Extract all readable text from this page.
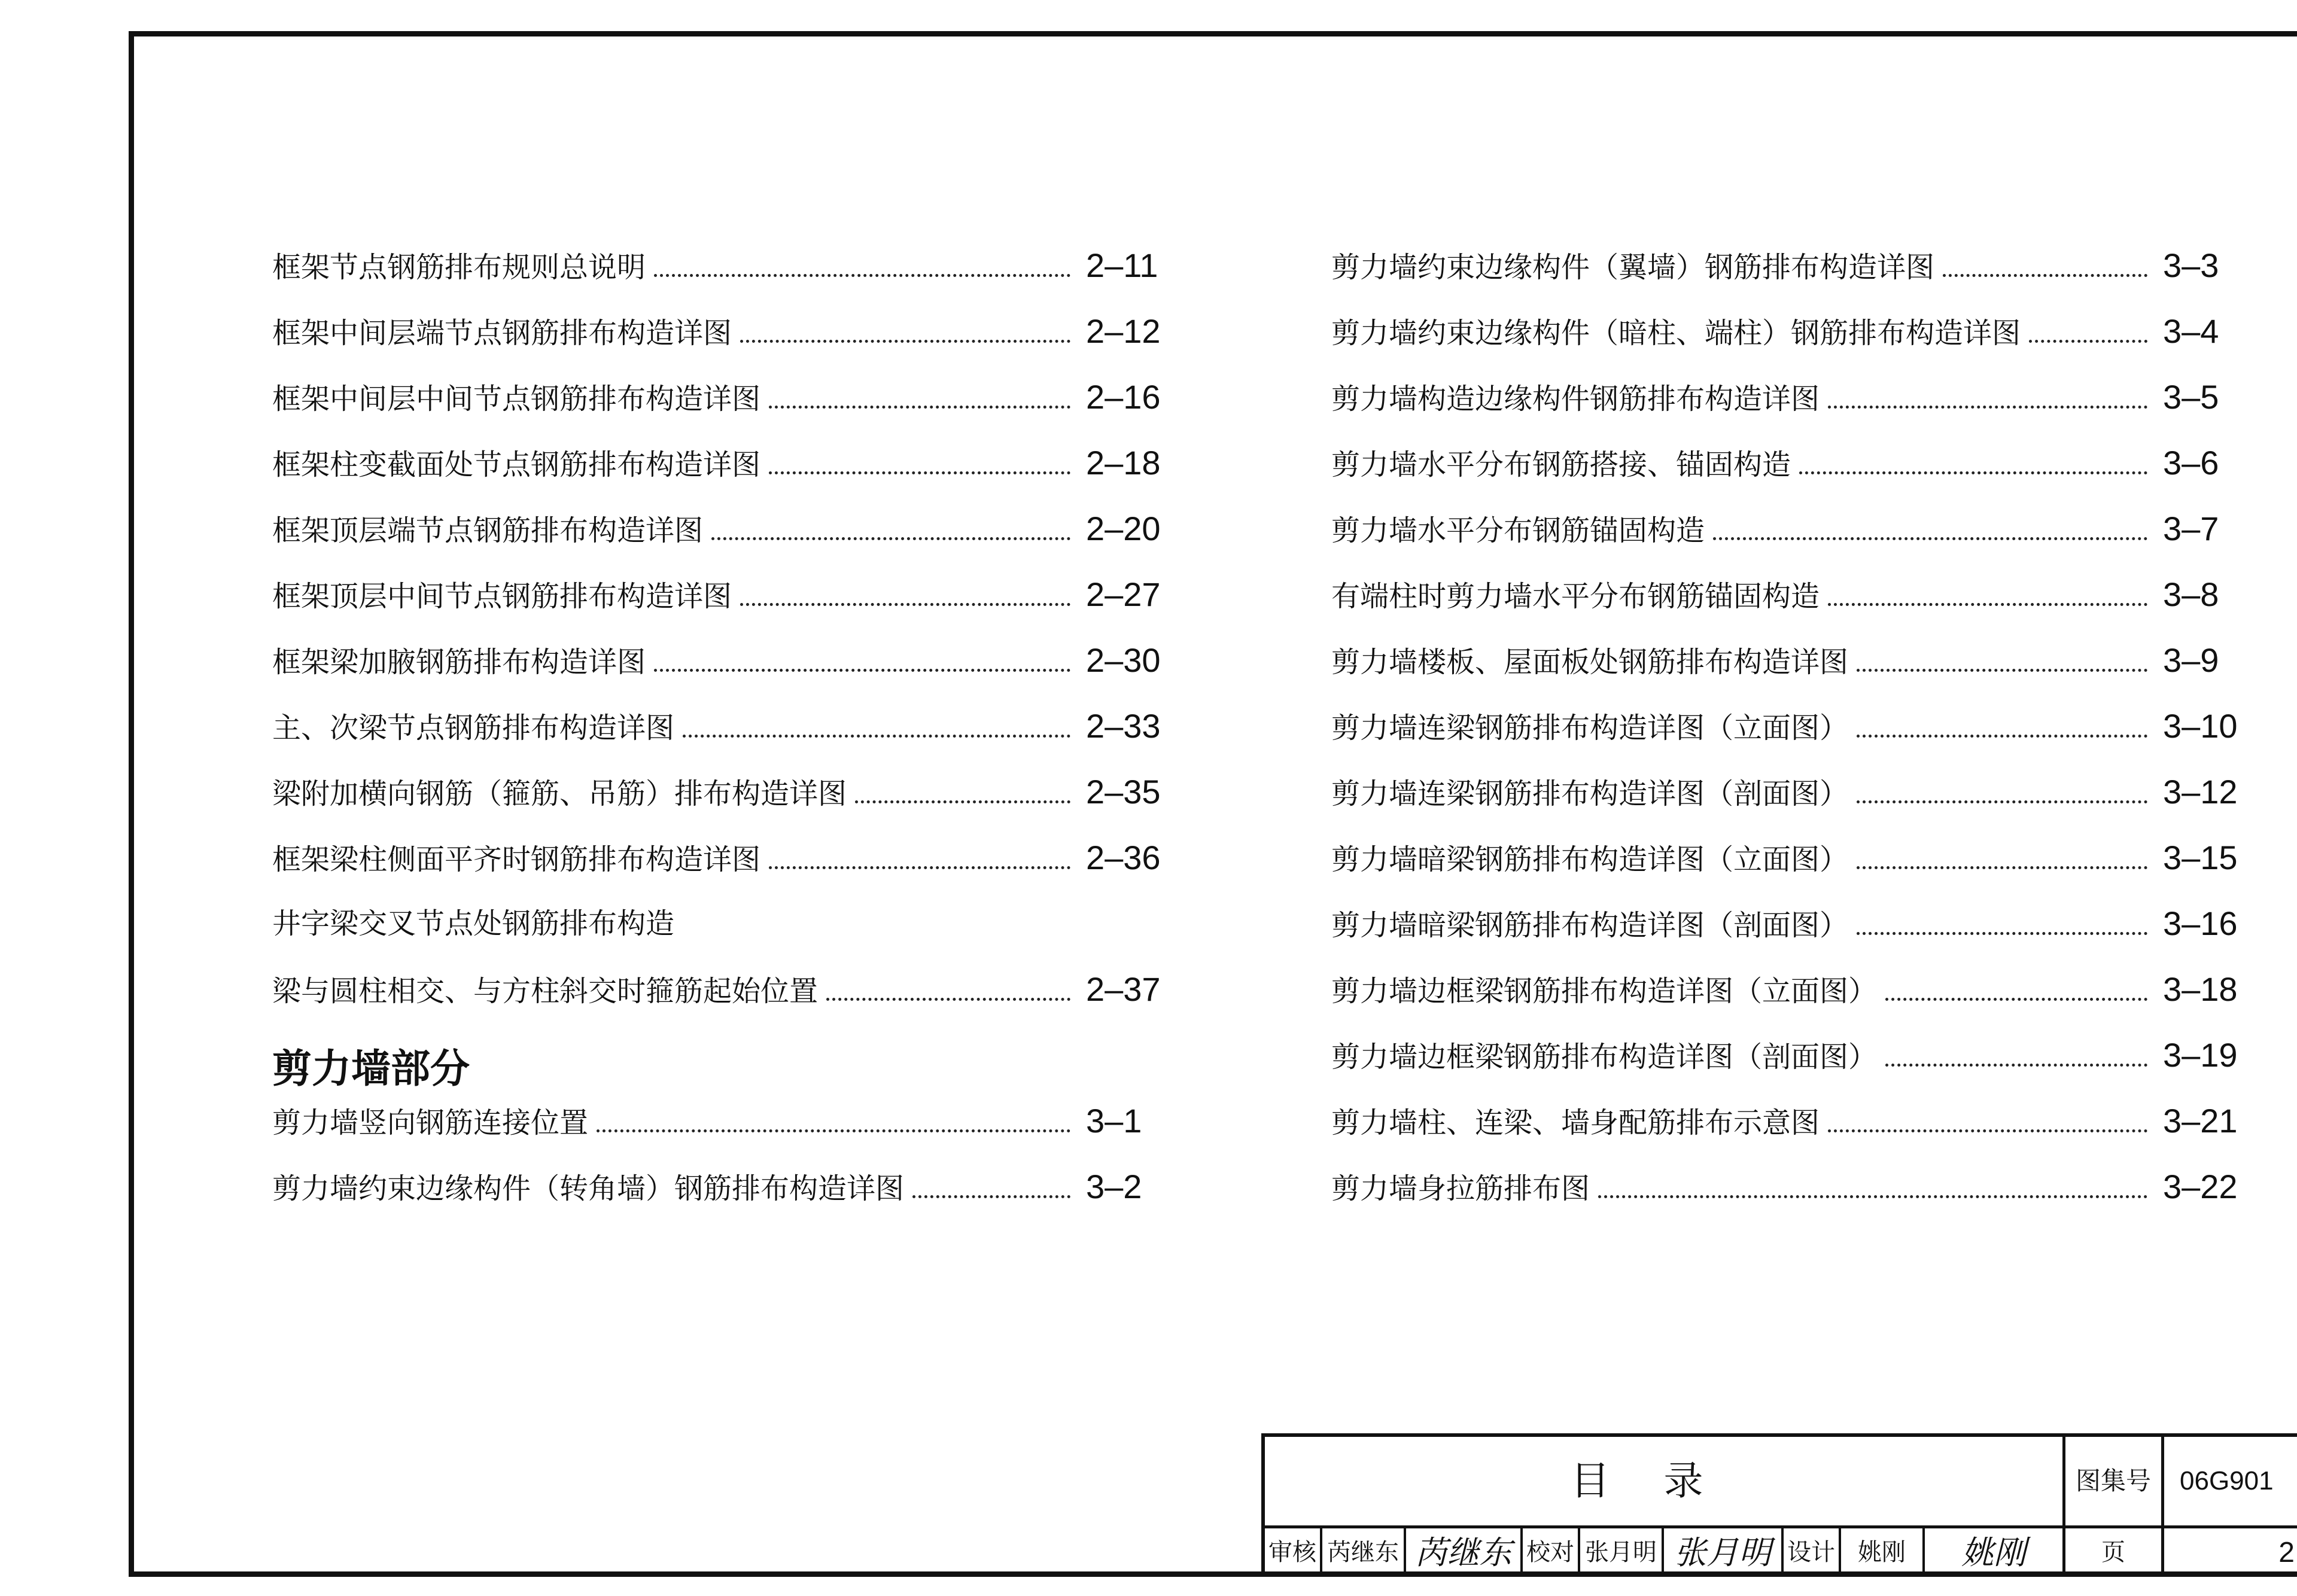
框架节点钢筋排布规则总说明	2–11
框架中间层端节点钢筋排布构造详图	2–12
框架中间层中间节点钢筋排布构造详图	2–16
框架柱变截面处节点钢筋排布构造详图	2–18
框架顶层端节点钢筋排布构造详图	2–20
框架顶层中间节点钢筋排布构造详图	2–27
框架梁加腋钢筋排布构造详图	2–30
主、次梁节点钢筋排布构造详图	2–33
梁附加横向钢筋（箍筋、吊筋）排布构造详图	2–35
框架梁柱侧面平齐时钢筋排布构造详图	2–36
井字梁交叉节点处钢筋排布构造
梁与圆柱相交、与方柱斜交时箍筋起始位置	2–37
剪力墙部分
剪力墙竖向钢筋连接位置	3–1
剪力墙约束边缘构件（转角墙）钢筋排布构造详图	3–2
剪力墙约束边缘构件（翼墙）钢筋排布构造详图	3–3
剪力墙约束边缘构件（暗柱、端柱）钢筋排布构造详图	3–4
剪力墙构造边缘构件钢筋排布构造详图	3–5
剪力墙水平分布钢筋搭接、锚固构造	3–6
剪力墙水平分布钢筋锚固构造	3–7
有端柱时剪力墙水平分布钢筋锚固构造	3–8
剪力墙楼板、屋面板处钢筋排布构造详图	3–9
剪力墙连梁钢筋排布构造详图（立面图）	3–10
剪力墙连梁钢筋排布构造详图（剖面图）	3–12
剪力墙暗梁钢筋排布构造详图（立面图）	3–15
剪力墙暗梁钢筋排布构造详图（剖面图）	3–16
剪力墙边框梁钢筋排布构造详图（立面图）	3–18
剪力墙边框梁钢筋排布构造详图（剖面图）	3–19
剪力墙柱、连梁、墙身配筋排布示意图	3–21
剪力墙身拉筋排布图	3–22
目录	图集号	06G901
审核 芮继东 芮继东 校对 张月明 张月明 设计 姚刚	姚刚	页	2
